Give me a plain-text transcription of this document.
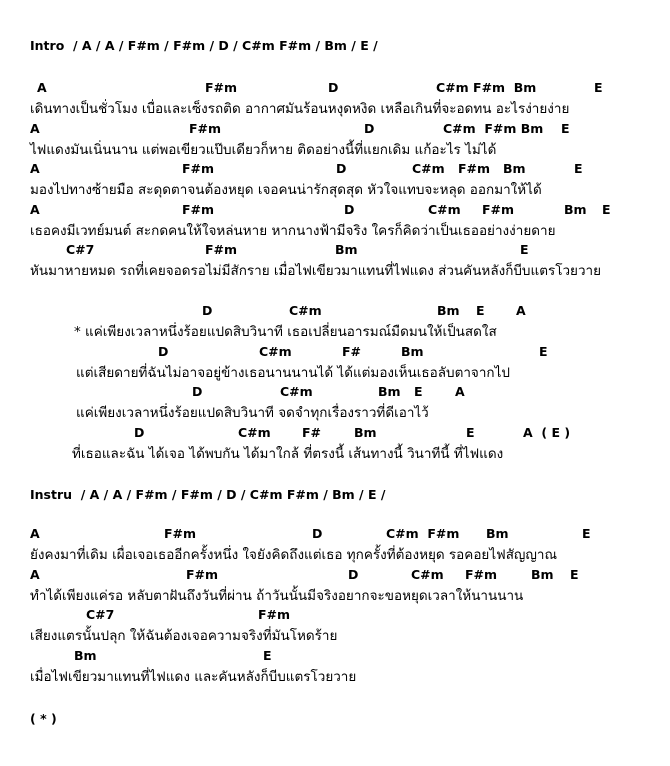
Intro  / A / A / F#m / F#m / D / C#m F#m / Bm / E /
A	F#m	D	C#m F#m  Bm	E
เดินทางเป็นชั่วโมง เบื่อและเซ็งรถติด อากาศมันร้อนหงุดหงิด เหลือเกินที่จะอดทน อะไรง่ายง่าย
A	F#m	D	C#m  F#m Bm E
ไฟแดงมันเนิ่นนาน แต่พอเขียวแป๊บเดียวก็หาย ติดอย่างนี้ที่แยกเดิม แก้อะไร ไม่ได้
A	F#m	D	C#m F#m Bm	E
มองไปทางซ้ายมือ สะดุดตาจนต้องหยุด เจอคนน่ารักสุดสุด หัวใจแทบจะหลุด ออกมาให้ได้
A	F#m	D	C#m F#m	Bm E
เธอคงมีเวทย์มนต์ สะกดคนให้ใจหล่นหาย หากนางฟ้ามีจริง ใครก็คิดว่าเป็นเธออย่างง่ายดาย
C#7	F#m	Bm	E
หันมาหายหมด รถที่เคยจอดรอไม่มีสักราย เมื่อไฟเขียวมาแทนที่ไฟแดง ส่วนคันหลังก็บีบแตรโวยวาย
D	C#m	Bm E	A
* แค่เพียงเวลาหนึ่งร้อยแปดสิบวินาที เธอเปลี่ยนอารมณ์มืดมนให้เป็นสดใส
D	C#m	F#	Bm	E
แต่เสียดายที่ฉันไม่อาจอยู่ข้างเธอนานนานได้ ได้แต่มองเห็นเธอลับตาจากไป
D	C#m	Bm E	A
แค่เพียงเวลาหนึ่งร้อยแปดสิบวินาที จดจำทุกเรื่องราวที่ดีเอาไว้
D	C#m	F#	Bm	E	A  ( E )
ที่เธอและฉัน ได้เจอ ได้พบกัน ได้มาใกล้ ที่ตรงนี้ เส้นทางนี้ วินาทีนี้ ที่ไฟแดง
Instru  / A / A / F#m / F#m / D / C#m F#m / Bm / E /
A	F#m	D	C#m  F#m Bm	E
ยังคงมาที่เดิม เผื่อเจอเธออีกครั้งหนึ่ง ใจยังคิดถึงแต่เธอ ทุกครั้งที่ต้องหยุด รอคอยไฟสัญญาณ
A	F#m	D	C#m F#m	Bm E
ทำได้เพียงแค่รอ หลับตาฝันถึงวันที่ผ่าน ถ้าวันนั้นมีจริงอยากจะขอหยุดเวลาให้นานนาน
C#7	F#m
เสียงแตรนั้นปลุก ให้ฉันต้องเจอความจริงที่มันโหดร้าย
Bm	E
เมื่อไฟเขียวมาแทนที่ไฟแดง และคันหลังก็บีบแตรโวยวาย
( * )
